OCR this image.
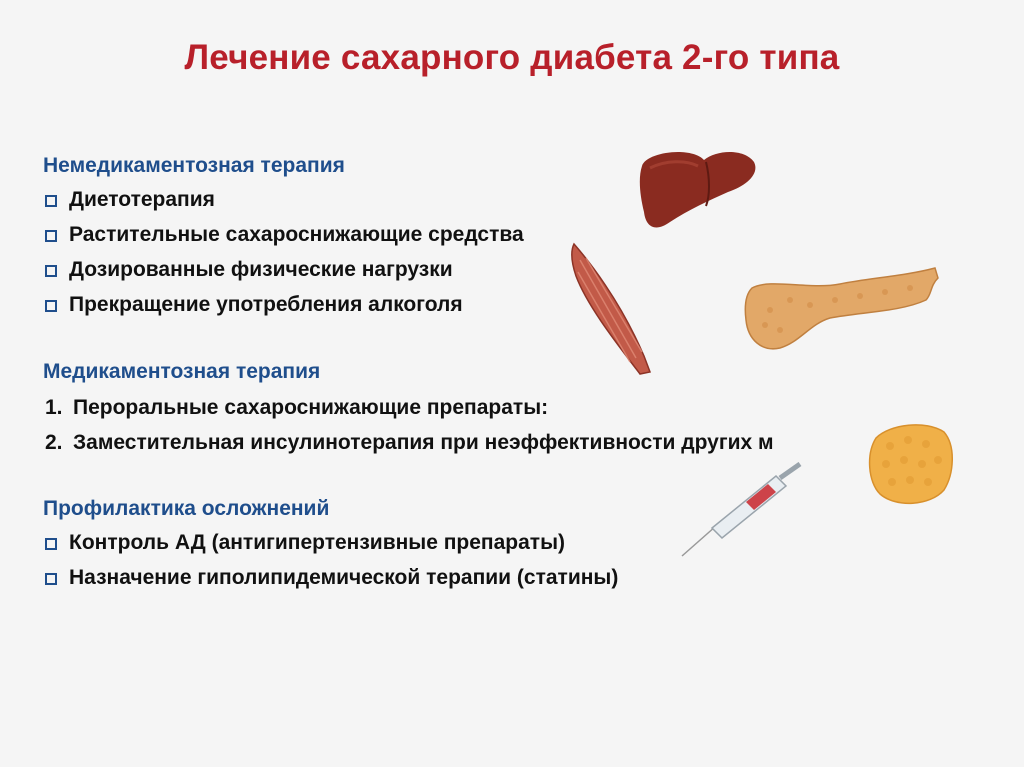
Лечение сахарного диабета 2-го типа
Немедикаментозная терапия
Диетотерапия
Растительные сахароснижающие средства
Дозированные физические нагрузки
Прекращение употребления алкоголя
Медикаментозная терапия
1. Пероральные сахароснижающие препараты:
2. Заместительная инсулинотерапия при неэффективности других м
Профилактика осложнений
Контроль АД (антигипертензивные препараты)
Назначение гиполипидемической терапии (статины)
